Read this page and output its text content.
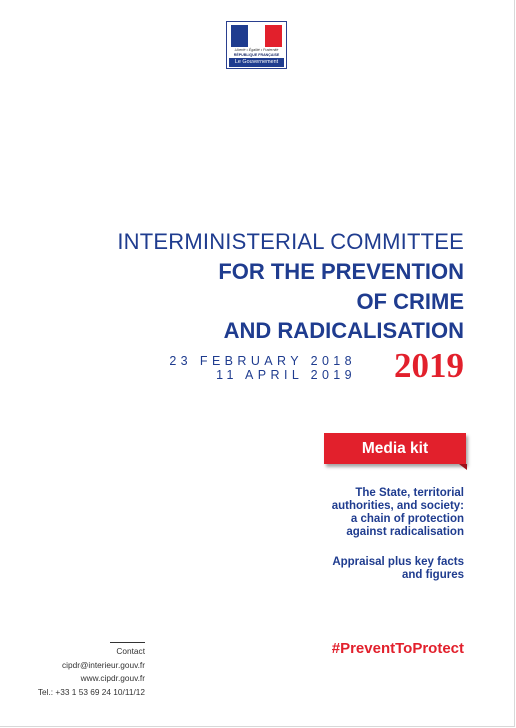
Liberté • Égalité • Fraternité
RÉPUBLIQUE FRANÇAISE
Le Gouvernement
INTERMINISTERIAL COMMITTEE
FOR THE PREVENTION
OF CRIME
AND RADICALISATION
23 FEBRUARY 2018
11 APRIL 2019 2019
Media kit
The State, territorial
authorities, and society:
a chain of protection
against radicalisation
Appraisal plus key facts
and figures
#PreventToProtect
Contact
cipdr@interieur.gouv.fr
www.cipdr.gouv.fr
Tel.: +33 1 53 69 24 10/11/12
